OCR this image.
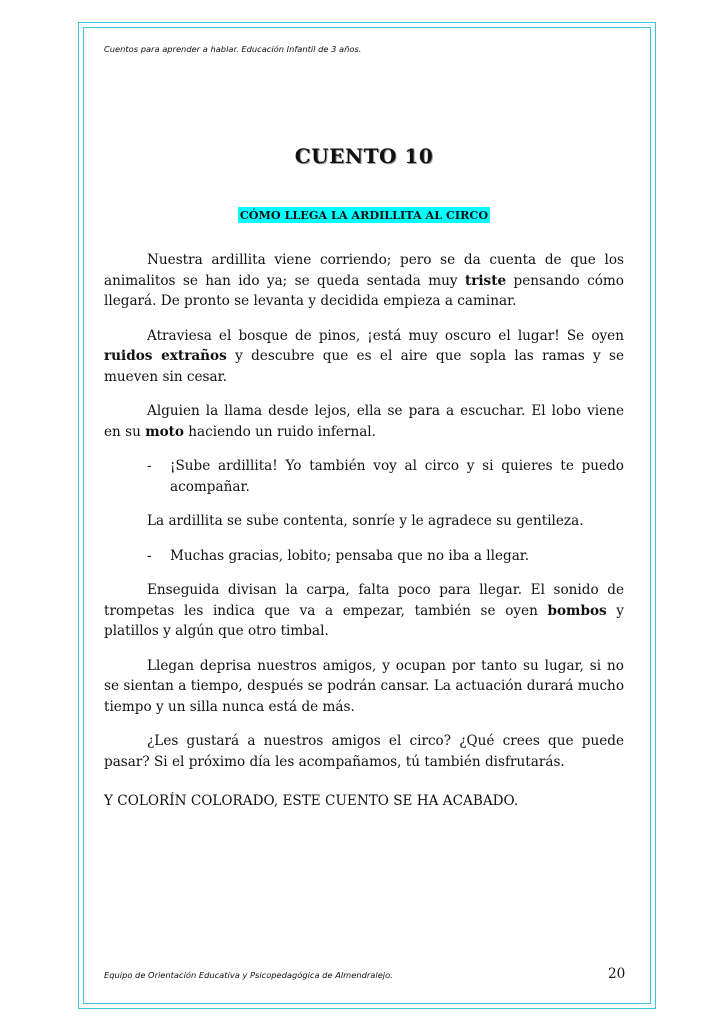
Cuentos para aprender a hablar. Educación Infantil de 3 años.
CUENTO 10
CÓMO LLEGA LA ARDILLITA AL CIRCO

Nuestra ardillita viene corriendo; pero se da cuenta de que los animalitos se han ido ya; se queda sentada muy triste pensando cómo llegará. De pronto se levanta y decidida empieza a caminar.

Atraviesa el bosque de pinos, ¡está muy oscuro el lugar! Se oyen ruidos extraños y descubre que es el aire que sopla las ramas y se mueven sin cesar.

Alguien la llama desde lejos, ella se para a escuchar. El lobo viene en su moto haciendo un ruido infernal.

- ¡Sube ardillita! Yo también voy al circo y si quieres te puedo acompañar.
La ardillita se sube contenta, sonríe y le agradece su gentileza.
- Muchas gracias, lobito; pensaba que no iba a llegar.

Enseguida divisan la carpa, falta poco para llegar. El sonido de trompetas les indica que va a empezar, también se oyen bombos y platillos y algún que otro timbal.

Llegan deprisa nuestros amigos, y ocupan por tanto su lugar, si no se sientan a tiempo, después se podrán cansar. La actuación durará mucho tiempo y un silla nunca está de más.

¿Les gustará a nuestros amigos el circo? ¿Qué crees que puede pasar? Si el próximo día les acompañamos, tú también disfrutarás.

Y COLORÍN COLORADO, ESTE CUENTO SE HA ACABADO.
Equipo de Orientación Educativa y Psicopedagógica de Almendralejo.	20
